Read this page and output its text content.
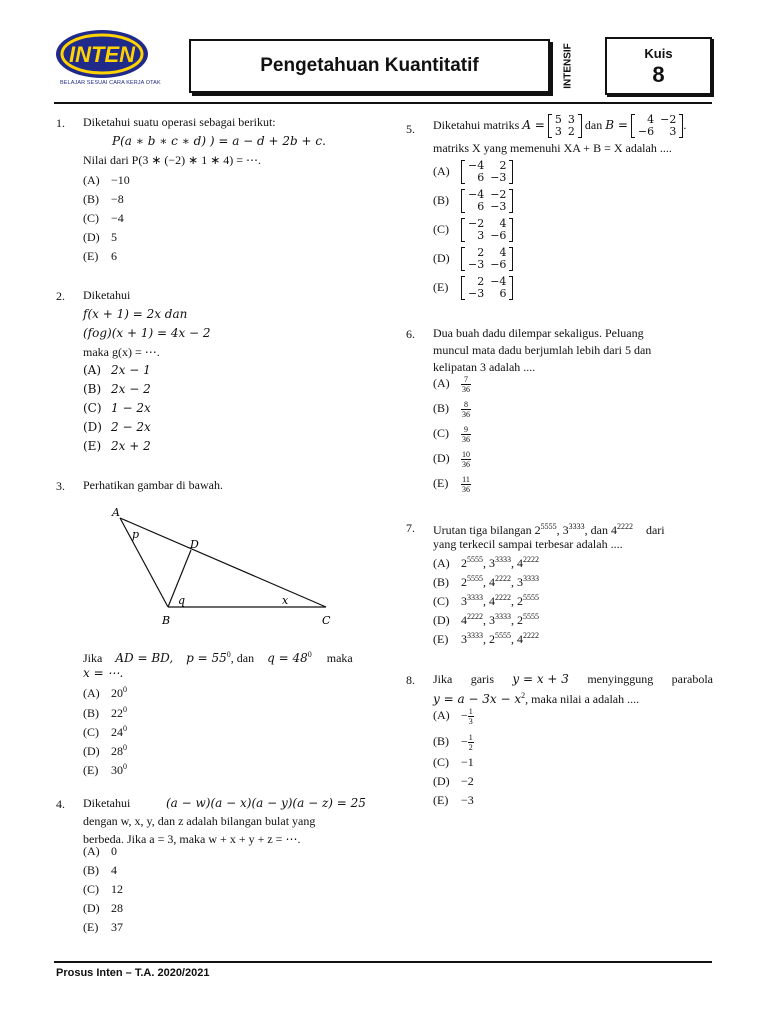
INTEN
BELAJAR SESUAI CARA KERJA OTAK
Pengetahuan Kuantitatif	INTENSIF	Kuis
8
1. Diketahui suatu operasi sebagai berikut:
P(a ∗ b ∗ c ∗ d) ) = a − d + 2b + c.
Nilai dari P(3 ∗ (−2) ∗ 1 ∗ 4) = ⋯.
(A) −10
(B) −8
(C) −4
(D) 5
(E) 6
2. Diketahui
f(x + 1) = 2x dan
(fog)(x + 1) = 4x − 2
maka g(x) = ⋯.
(A) 2x − 1
(B) 2x − 2
(C) 1 − 2x
(D) 2 − 2x
(E) 2x + 2
3. Perhatikan gambar di bawah.
A
D
B	C
p
q	x
Jika AD = BD, $p = 55^0$, dan $q = 48^0$ maka
x = ⋯.
(A) $20^0$
(B) $22^0$
(C) $24^0$
(D) $28^0$
(E) $30^0$
4. Diketahui	(a − w)(a − x)(a − y)(a − z) = 25
dengan w, x, y, dan z adalah bilangan bulat yang
berbeda. Jika a = 3, maka w + x + y + z = ⋯.
(A) 0
(B) 4
(C) 12
(D) 28
(E) 37
5. Diketahui matriks A = 5	3
3	2 dan B = 4	−2
−6	3 .
matriks X yang memenuhi XA + B = X adalah ....
(A) −4	2
6	−3
(B) −4	−2
6	−3
(C) −2	4
3	−6
(D)	2	4
−3	−6
(E)	2	−4
−3	6
6. Dua buah dadu dilempar sekaligus. Peluang
muncul mata dadu berjumlah lebih dari 5 dan
kelipatan 3 adalah ....
$(A) \frac{7}{36}$
$(B) \frac{8}{36}$
$(C) \frac{9}{36}$
$(D) \frac{10}{36}$
$(E) \frac{11}{36}$
7. Urutan tiga bilangan $2^{5555}$, $3^{3333}$, dan $4^{2222}$ dari
yang terkecil sampai terbesar adalah ....
(A) $2^{5555}$, $3^{3333}$, $4^{2222}$
(B) $2^{5555}$, $4^{2222}$, $3^{3333}$
(C) $3^{3333}$, $4^{2222}$, $2^{5555}$
(D) $4^{2222}$, $3^{3333}$, $2^{5555}$
(E) $3^{3333}$, $2^{5555}$, $4^{2222}$
8. Jika garis y = x + 3 menyinggung parabola
$y = a - 3x - x^2$, maka nilai a adalah ....
$(A) - \frac{1}{3}$
$(B) - \frac{1}{2}$
(C) −1
(D) −2
(E) −3
Prosus Inten – T.A. 2020/2021
